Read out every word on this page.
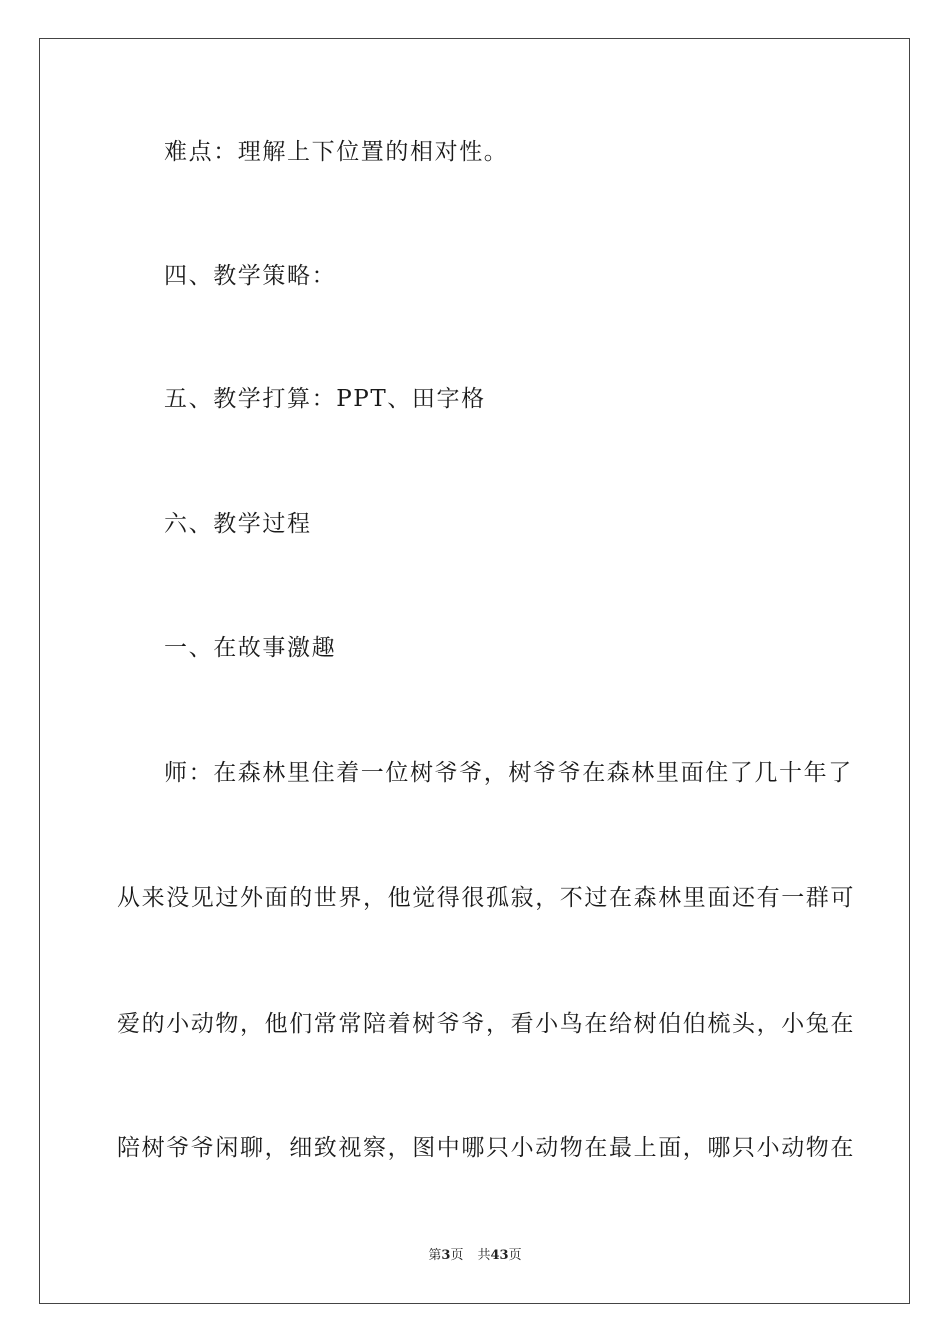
难点：理解上下位置的相对性。
四、教学策略：
五、教学打算：PPT、田字格
六、教学过程
一、在故事激趣
师：在森林里住着一位树爷爷，树爷爷在森林里面住了几十年了
从来没见过外面的世界，他觉得很孤寂，不过在森林里面还有一群可
爱的小动物，他们常常陪着树爷爷，看小鸟在给树伯伯梳头，小兔在
陪树爷爷闲聊，细致视察，图中哪只小动物在最上面，哪只小动物在
第3页 共43页
